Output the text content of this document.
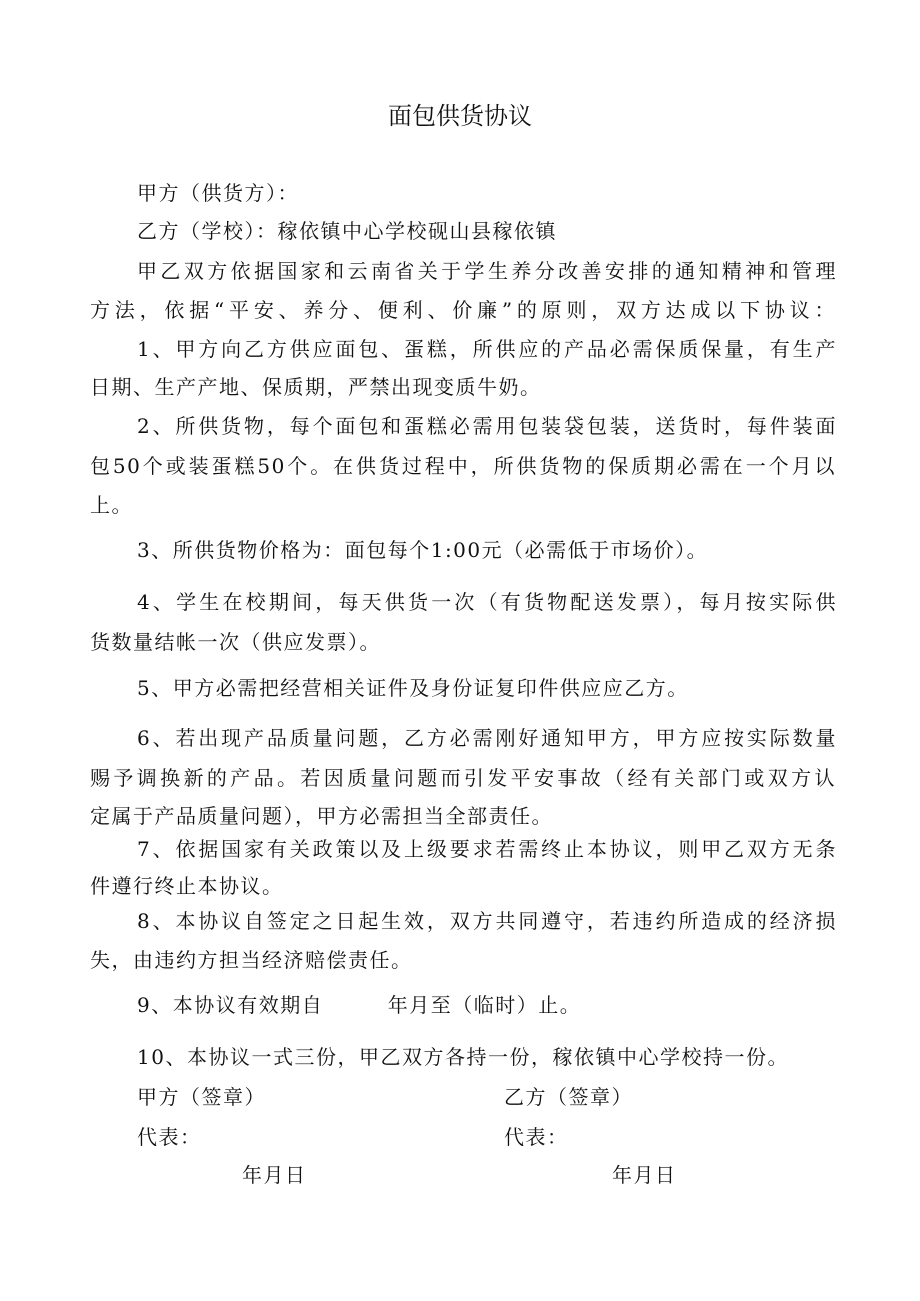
面包供货协议
甲方（供货方）：
乙方（学校）：稼依镇中心学校砚山县稼依镇
甲乙双方依据国家和云南省关于学生养分改善安排的通知精神和管理
方法，依据“平安、养分、便利、价廉”的原则，双方达成以下协议：
1、甲方向乙方供应面包、蛋糕，所供应的产品必需保质保量，有生产
日期、生产产地、保质期，严禁出现变质牛奶。
2、所供货物，每个面包和蛋糕必需用包装袋包装，送货时，每件装面
包50个或装蛋糕50个。在供货过程中，所供货物的保质期必需在一个月以
上。
3、所供货物价格为：面包每个1:00元（必需低于市场价）。
4、学生在校期间，每天供货一次（有货物配送发票），每月按实际供
货数量结帐一次（供应发票）。
5、甲方必需把经营相关证件及身份证复印件供应应乙方。
6、若出现产品质量问题，乙方必需刚好通知甲方，甲方应按实际数量
赐予调换新的产品。若因质量问题而引发平安事故（经有关部门或双方认
定属于产品质量问题），甲方必需担当全部责任。
7、依据国家有关政策以及上级要求若需终止本协议，则甲乙双方无条
件遵行终止本协议。
8、本协议自签定之日起生效，双方共同遵守，若违约所造成的经济损
失，由违约方担当经济赔偿责任。
9、本协议有效期自　　　年月至（临时）止。
10、本协议一式三份，甲乙双方各持一份，稼依镇中心学校持一份。
甲方（签章）	乙方（签章）
代表：	代表：
年月日	年月日
